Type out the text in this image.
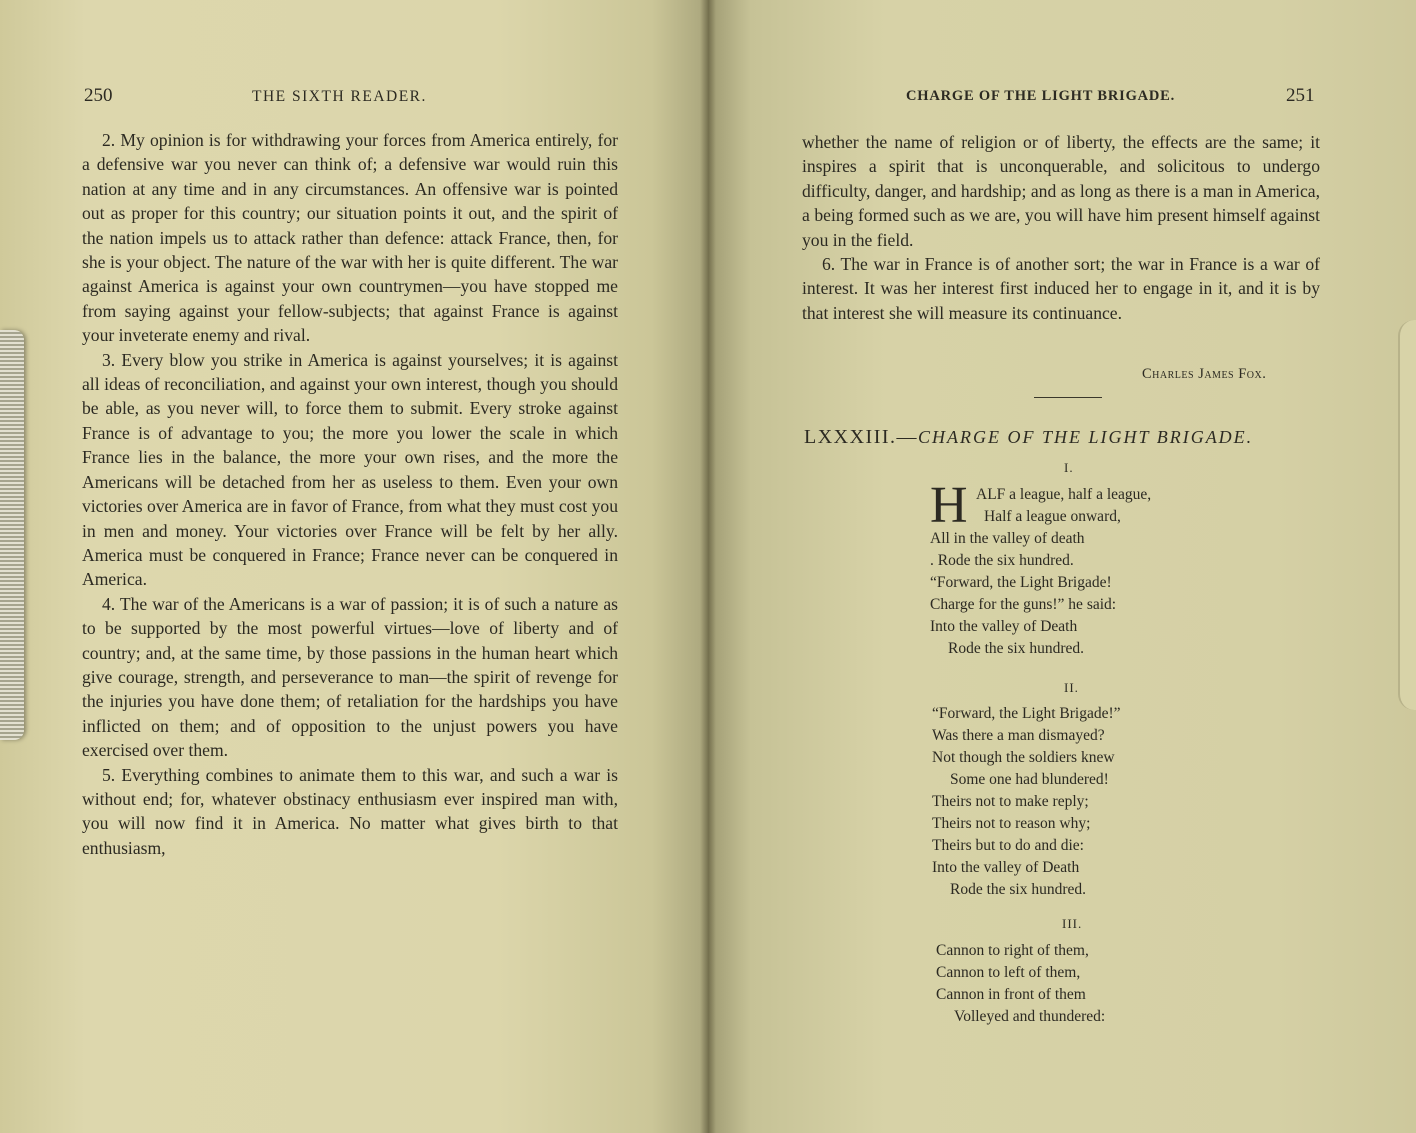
250	THE SIXTH READER.

2. My opinion is for withdrawing your forces from America entirely, for a defensive war you never can think of; a defensive war would ruin this nation at any time and in any circumstances. An offensive war is pointed out as proper for this country; our situation points it out, and the spirit of the nation impels us to attack rather than defence: attack France, then, for she is your object. The nature of the war with her is quite different. The war against America is against your own countrymen—you have stopped me from saying against your fellow-subjects; that against France is against your inveterate enemy and rival.

3. Every blow you strike in America is against yourselves; it is against all ideas of reconciliation, and against your own interest, though you should be able, as you never will, to force them to submit. Every stroke against France is of advantage to you; the more you lower the scale in which France lies in the balance, the more your own rises, and the more the Americans will be detached from her as useless to them. Even your own victories over America are in favor of France, from what they must cost you in men and money. Your victories over France will be felt by her ally. America must be conquered in France; France never can be conquered in America.

4. The war of the Americans is a war of passion; it is of such a nature as to be supported by the most powerful virtues—love of liberty and of country; and, at the same time, by those passions in the human heart which give courage, strength, and perseverance to man—the spirit of revenge for the injuries you have done them; of retaliation for the hardships you have inflicted on them; and of opposition to the unjust powers you have exercised over them.

5. Everything combines to animate them to this war, and such a war is without end; for, whatever obstinacy enthusiasm ever inspired man with, you will now find it in America. No matter what gives birth to that enthusiasm,

CHARGE OF THE LIGHT BRIGADE.	251

whether the name of religion or of liberty, the effects are the same; it inspires a spirit that is unconquerable, and solicitous to undergo difficulty, danger, and hardship; and as long as there is a man in America, a being formed such as we are, you will have him present himself against you in the field.

6. The war in France is of another sort; the war in France is a war of interest. It was her interest first induced her to engage in it, and it is by that interest she will measure its continuance.

Charles James Fox.
LXXXIII.—CHARGE OF THE LIGHT BRIGADE.
I.
H ALF a league, half a league,
Half a league onward,
All in the valley of death
. Rode the six hundred.
“Forward, the Light Brigade!
Charge for the guns!” he said:
Into the valley of Death
Rode the six hundred.
II.
“Forward, the Light Brigade!”
Was there a man dismayed?
Not though the soldiers knew
Some one had blundered!
Theirs not to make reply;
Theirs not to reason why;
Theirs but to do and die:
Into the valley of Death
Rode the six hundred.
III.
Cannon to right of them,
Cannon to left of them,
Cannon in front of them
Volleyed and thundered:
